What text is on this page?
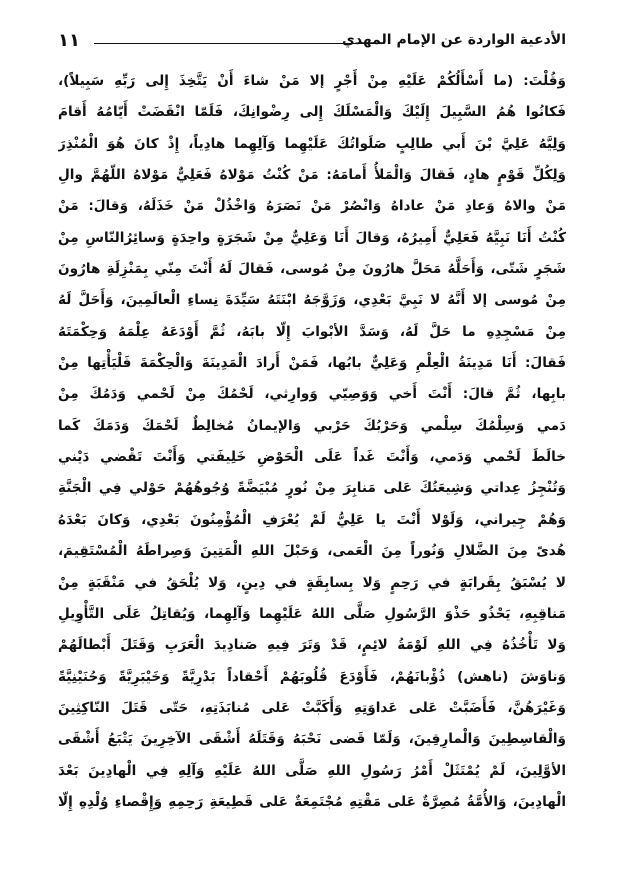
الأدعية الواردة عن الإمام المهدي
١١
وَقُلْتَ: (ما أَسْأَلُكُمْ عَلَيْهِ مِنْ أَجْرٍ إلا مَنْ شاءَ أَنْ يَتَّخِذَ إِلى رَبِّهِ سَبِيلاً)،
فَكانُوا هُمُ السَّبِيلَ إِلَيْكَ وَالْمَسْلَكَ إِلى رِضْوانِكَ، فَلَمّا انْقَضَتْ أَيّامُهُ أَقامَ
وَلِيَّهُ عَلِيَّ بْنَ أَبي طالِبٍ صَلَواتُكَ عَلَيْهِما وَآلِهِما هادِياً، إِذْ كانَ هُوَ الْمُنْذِرَ
وَلِكُلِّ قَوْمٍ هادٍ، فَقالَ وَالْمَلأُ أَمامَهُ: مَنْ كُنْتُ مَوْلاهُ فَعَلِيٌّ مَوْلاهُ اللّهُمَّ والِ
مَنْ والاهُ وَعادِ مَنْ عاداهُ وَانْصُرْ مَنْ نَصَرَهُ وَاخْذُلْ مَنْ خَذَلَهُ، وَقالَ: مَنْ
كُنْتُ أَنَا نَبِيَّهُ فَعَلِيٌّ أَمِيرُهُ، وَقالَ أَنَا وَعَلِيٌّ مِنْ شَجَرَةٍ واحِدَةٍ وَسائِرُالنّاسِ مِنْ
شَجَرٍ شَتّى، وَأَحَلَّهُ مَحَلَّ هارُونَ مِنْ مُوسى، فَقالَ لَهُ أَنْتَ مِنّي بِمَنْزِلَةِ هارُونَ
مِنْ مُوسى إلا أَنَّهُ لا نَبِيَّ بَعْدِي، وَزَوَّجَهُ ابْنَتَهُ سَيِّدَةَ نِساءِ الْعالَمِينَ، وَأَحَلَّ لَهُ
مِنْ مَسْجِدِهِ ما حَلَّ لَهُ، وَسَدَّ الأبْوابَ إِلّا بابَهُ، ثُمَّ أَوْدَعَهُ عِلْمَهُ وَحِكْمَتَهُ
فَقالَ: أَنَا مَدِينَةُ الْعِلْمِ وَعَلِيٌّ بابُها، فَمَنْ أَرادَ الْمَدِينَةَ وَالْحِكْمَةَ فَلْيَأْتِها مِنْ
بابِها، ثُمَّ قالَ: أَنْتَ أَخي وَوَصِيّي وَوارِثي، لَحْمُكَ مِنْ لَحْمي وَدَمُكَ مِنْ
دَمي وَسِلْمُكَ سِلْمي وَحَرْبُكَ حَرْبي وَالإيمانُ مُخالِطٌ لَحْمَكَ وَدَمَكَ كَما
خالَطَ لَحْمي وَدَمي، وَأَنْتَ غَداً عَلَى الْحَوْضِ خَلِيفَتي وَأَنْتَ تَقْضي دَيْني
وَتُنْجِزُ عِداتي وَشِيعَتُكَ عَلى مَنابِرَ مِنْ نُورٍ مُبْيَضَّةً وُجُوهُهُمْ حَوْلي فِي الْجَنَّةِ
وَهُمْ جِيراني، وَلَوْلا أَنْتَ يا عَلِيُّ لَمْ يُعْرَفِ الْمُؤْمِنُونَ بَعْدِي، وَكانَ بَعْدَهُ
هُدىً مِنَ الضَّلالِ وَنُوراً مِنَ الْعَمى، وَحَبْلَ اللهِ الْمَتِينَ وَصِراطَهُ الْمُسْتَقِيمَ،
لا يُسْبَقُ بِقَرابَةٍ في رَحِمٍ وَلا بِسابِقَةٍ في دِينٍ، وَلا يُلْحَقُ في مَنْقَبَةٍ مِنْ
مَناقِبِهِ، يَحْذُو حَذْوَ الرَّسُولِ صَلَّى اللهُ عَلَيْهِما وَآلِهِما، وَيُقاتِلُ عَلَى التَّأْوِيلِ
وَلا تَأْخُذُهُ فِي اللهِ لَوْمَةُ لائِمٍ، قَدْ وَتَرَ فِيهِ صَنادِيدَ الْعَرَبِ وَقَتَلَ أَبْطالَهُمْ
وَناوَشَ (ناهش) ذُؤْبانَهُمْ، فَأَوْدَعَ قُلُوبَهُمْ أَحْقاداً بَدْرِيَّةً وَخَيْبَرِيَّةً وَحُنَيْنِيَّةً
وَغَيْرَهُنَّ، فَأَضَبَّتْ عَلى عَداوَتِهِ وَأَكَبَّتْ عَلى مُنابَذَتِهِ، حَتّى قَتَلَ النّاكِثِينَ
وَالْقاسِطِينَ وَالْمارِقِينَ، وَلَمّا قَضى نَحْبَهُ وَقَتَلَهُ أَشْقَى الآخِرِينَ يَتْبَعُ أَشْقَى
الأوَّلِينَ، لَمْ يُمْتَثَلْ أَمْرُ رَسُولِ اللهِ صَلَّى اللهُ عَلَيْهِ وَآلِهِ فِي الْهادِينَ بَعْدَ
الْهادِينَ، وَالأُمَّةُ مُصِرَّةٌ عَلى مَقْتِهِ مُجْتَمِعَةٌ عَلى قَطِيعَةِ رَحِمِهِ وَإِقْصاءِ وُلْدِهِ إِلّا
